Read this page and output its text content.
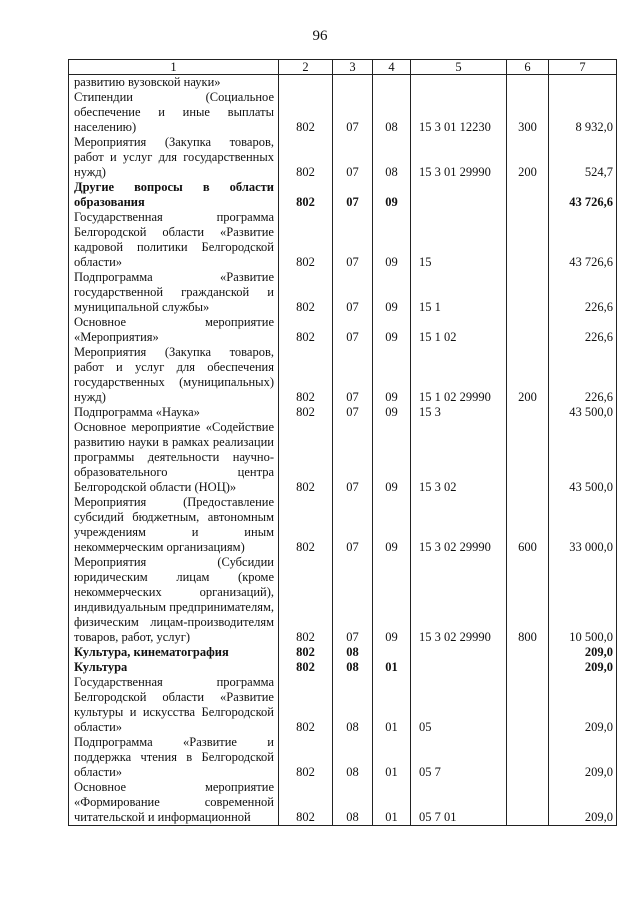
96
1	2	3	4	5	6	7
развитию вузовской науки»						
Стипендии (Социальное обеспечение и иные выплаты населению)	802	07	08	15 3 01 12230	300	8 932,0
Мероприятия (Закупка товаров, работ и услуг для государственных нужд)	802	07	08	15 3 01 29990	200	524,7
Другие вопросы в области образования	802	07	09			43 726,6
Государственная программа Белгородской области «Развитие кадровой политики Белгородской области»	802	07	09	15		43 726,6
Подпрограмма «Развитие государственной гражданской и муниципальной службы»	802	07	09	15 1		226,6
Основное мероприятие «Мероприятия»	802	07	09	15 1 02		226,6
Мероприятия (Закупка товаров, работ и услуг для обеспечения государственных (муниципальных) нужд)	802	07	09	15 1 02 29990	200	226,6
Подпрограмма «Наука»	802	07	09	15 3		43 500,0
Основное мероприятие «Содействие развитию науки в рамках реализации программы деятельности научно-образовательного центра Белгородской области (НОЦ)»	802	07	09	15 3 02		43 500,0
Мероприятия (Предоставление субсидий бюджетным, автономным учреждениям и иным некоммерческим организациям)	802	07	09	15 3 02 29990	600	33 000,0
Мероприятия (Субсидии юридическим лицам (кроме некоммерческих организаций), индивидуальным предпринимателям, физическим лицам-производителям товаров, работ, услуг)	802	07	09	15 3 02 29990	800	10 500,0
Культура, кинематография	802	08				209,0
Культура	802	08	01			209,0
Государственная программа Белгородской области «Развитие культуры и искусства Белгородской области»	802	08	01	05		209,0
Подпрограмма «Развитие и поддержка чтения в Белгородской области»	802	08	01	05 7		209,0
Основное мероприятие «Формирование современной читательской и информационной	802	08	01	05 7 01		209,0
